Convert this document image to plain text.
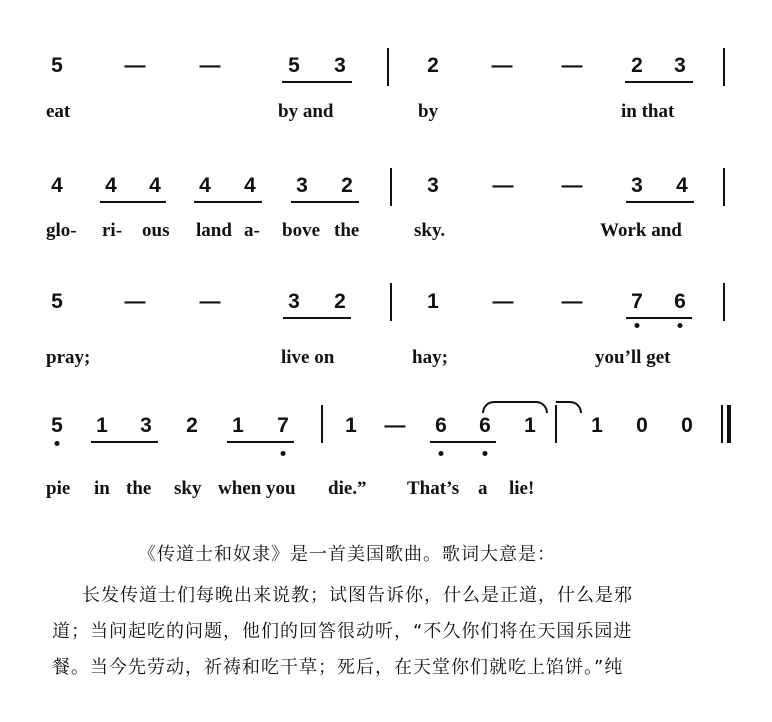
5	—	—	5 3	2	— — 2 3
eat	by and	by	in that
4 4 4 4 4 3 2	3	— — 3 4
glo- ri- ous land a- bove the	sky.	Work and
5	—	—	3 2	1	— — 7 6
pray;	live on	hay;	you’ll get
5 1 3 2 1 7	1 — 6 6 1	1 0 0
pie in the sky when you die.” That’s a lie!
《传道士和奴隶》是一首美国歌曲。歌词大意是：
长发传道士们每晚出来说教；试图告诉你，什么是正道，什么是邪
道；当问起吃的问题，他们的回答很动听，“不久你们将在天国乐园进
餐。当今先劳动，祈祷和吃干草；死后，在天堂你们就吃上馅饼。”纯
